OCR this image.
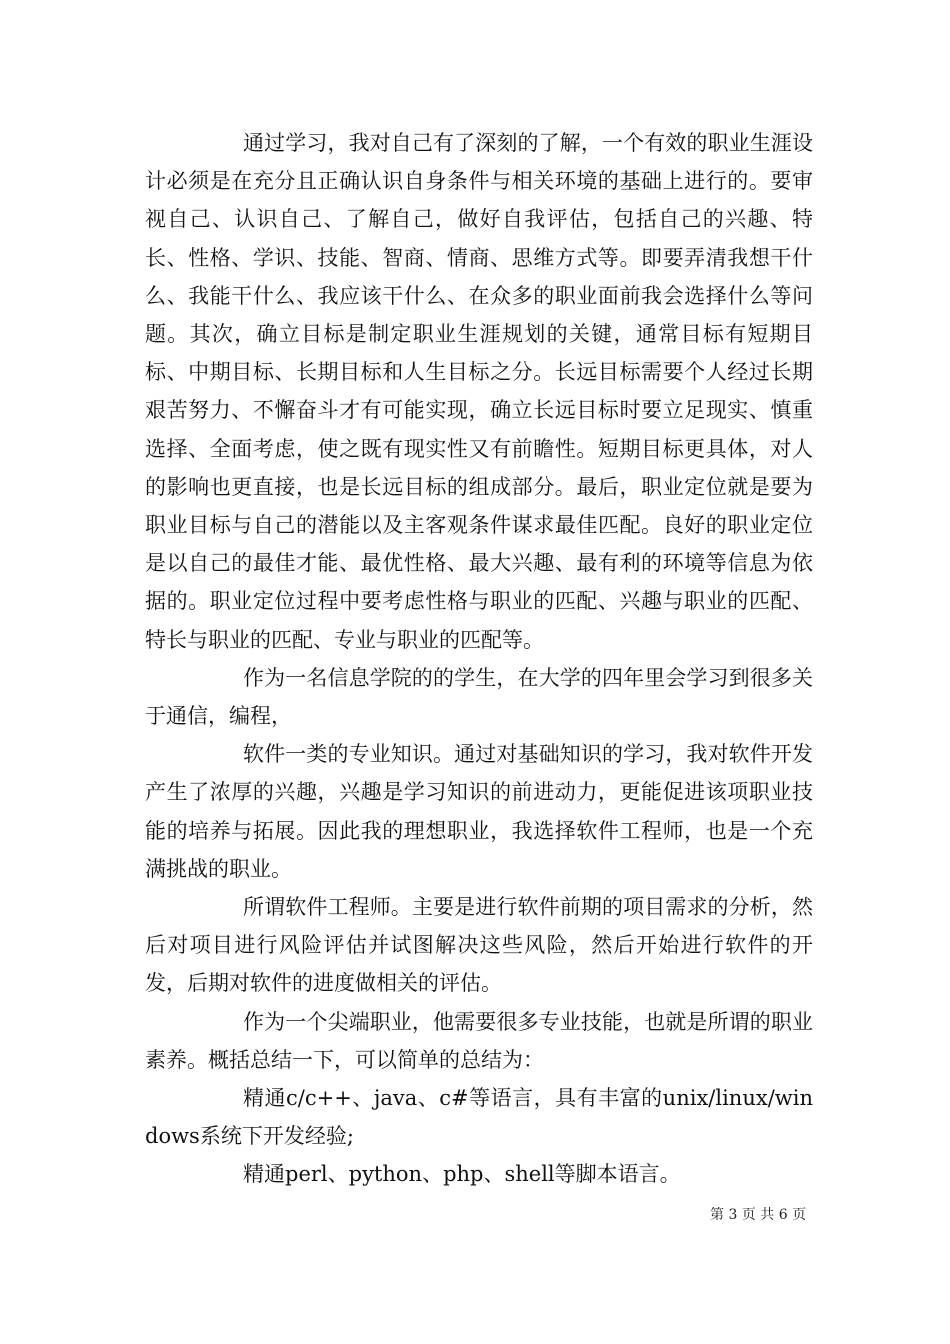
通过学习，我对自己有了深刻的了解，一个有效的职业生涯设计必须是在充分且正确认识自身条件与相关环境的基础上进行的。要审视自己、认识自己、了解自己，做好自我评估，包括自己的兴趣、特长、性格、学识、技能、智商、情商、思维方式等。即要弄清我想干什么、我能干什么、我应该干什么、在众多的职业面前我会选择什么等问题。其次，确立目标是制定职业生涯规划的关键，通常目标有短期目标、中期目标、长期目标和人生目标之分。长远目标需要个人经过长期艰苦努力、不懈奋斗才有可能实现，确立长远目标时要立足现实、慎重选择、全面考虑，使之既有现实性又有前瞻性。短期目标更具体，对人的影响也更直接，也是长远目标的组成部分。最后，职业定位就是要为职业目标与自己的潜能以及主客观条件谋求最佳匹配。良好的职业定位是以自己的最佳才能、最优性格、最大兴趣、最有利的环境等信息为依据的。职业定位过程中要考虑性格与职业的匹配、兴趣与职业的匹配、特长与职业的匹配、专业与职业的匹配等。

作为一名信息学院的的学生，在大学的四年里会学习到很多关于通信，编程，

软件一类的专业知识。通过对基础知识的学习，我对软件开发产生了浓厚的兴趣，兴趣是学习知识的前进动力，更能促进该项职业技能的培养与拓展。因此我的理想职业，我选择软件工程师，也是一个充满挑战的职业。

所谓软件工程师。主要是进行软件前期的项目需求的分析，然后对项目进行风险评估并试图解决这些风险，然后开始进行软件的开发，后期对软件的进度做相关的评估。

作为一个尖端职业，他需要很多专业技能，也就是所谓的职业素养。概括总结一下，可以简单的总结为：

精通c/c++、java、c#等语言，具有丰富的unix/linux/windows系统下开发经验;

精通perl、python、php、shell等脚本语言。

第 3 页 共 6 页
